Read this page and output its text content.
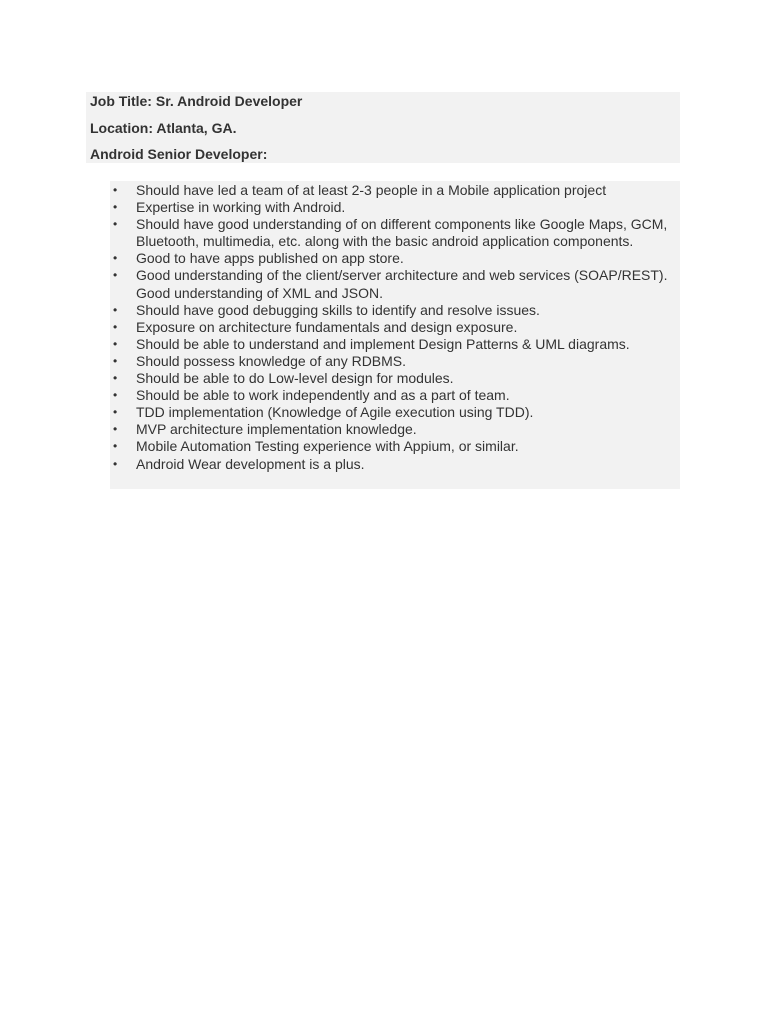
Job Title: Sr. Android Developer
Location: Atlanta, GA.
Android Senior Developer:
• Should have led a team of at least 2-3 people in a Mobile application project
• Expertise in working with Android.
• Should have good understanding of on different components like Google Maps, GCM, Bluetooth, multimedia, etc. along with the basic android application components.
• Good to have apps published on app store.
• Good understanding of the client/server architecture and web services (SOAP/REST). Good understanding of XML and JSON.
• Should have good debugging skills to identify and resolve issues.
• Exposure on architecture fundamentals and design exposure.
• Should be able to understand and implement Design Patterns & UML diagrams.
• Should possess knowledge of any RDBMS.
• Should be able to do Low-level design for modules.
• Should be able to work independently and as a part of team.
• TDD implementation (Knowledge of Agile execution using TDD).
• MVP architecture implementation knowledge.
• Mobile Automation Testing experience with Appium, or similar.
• Android Wear development is a plus.
